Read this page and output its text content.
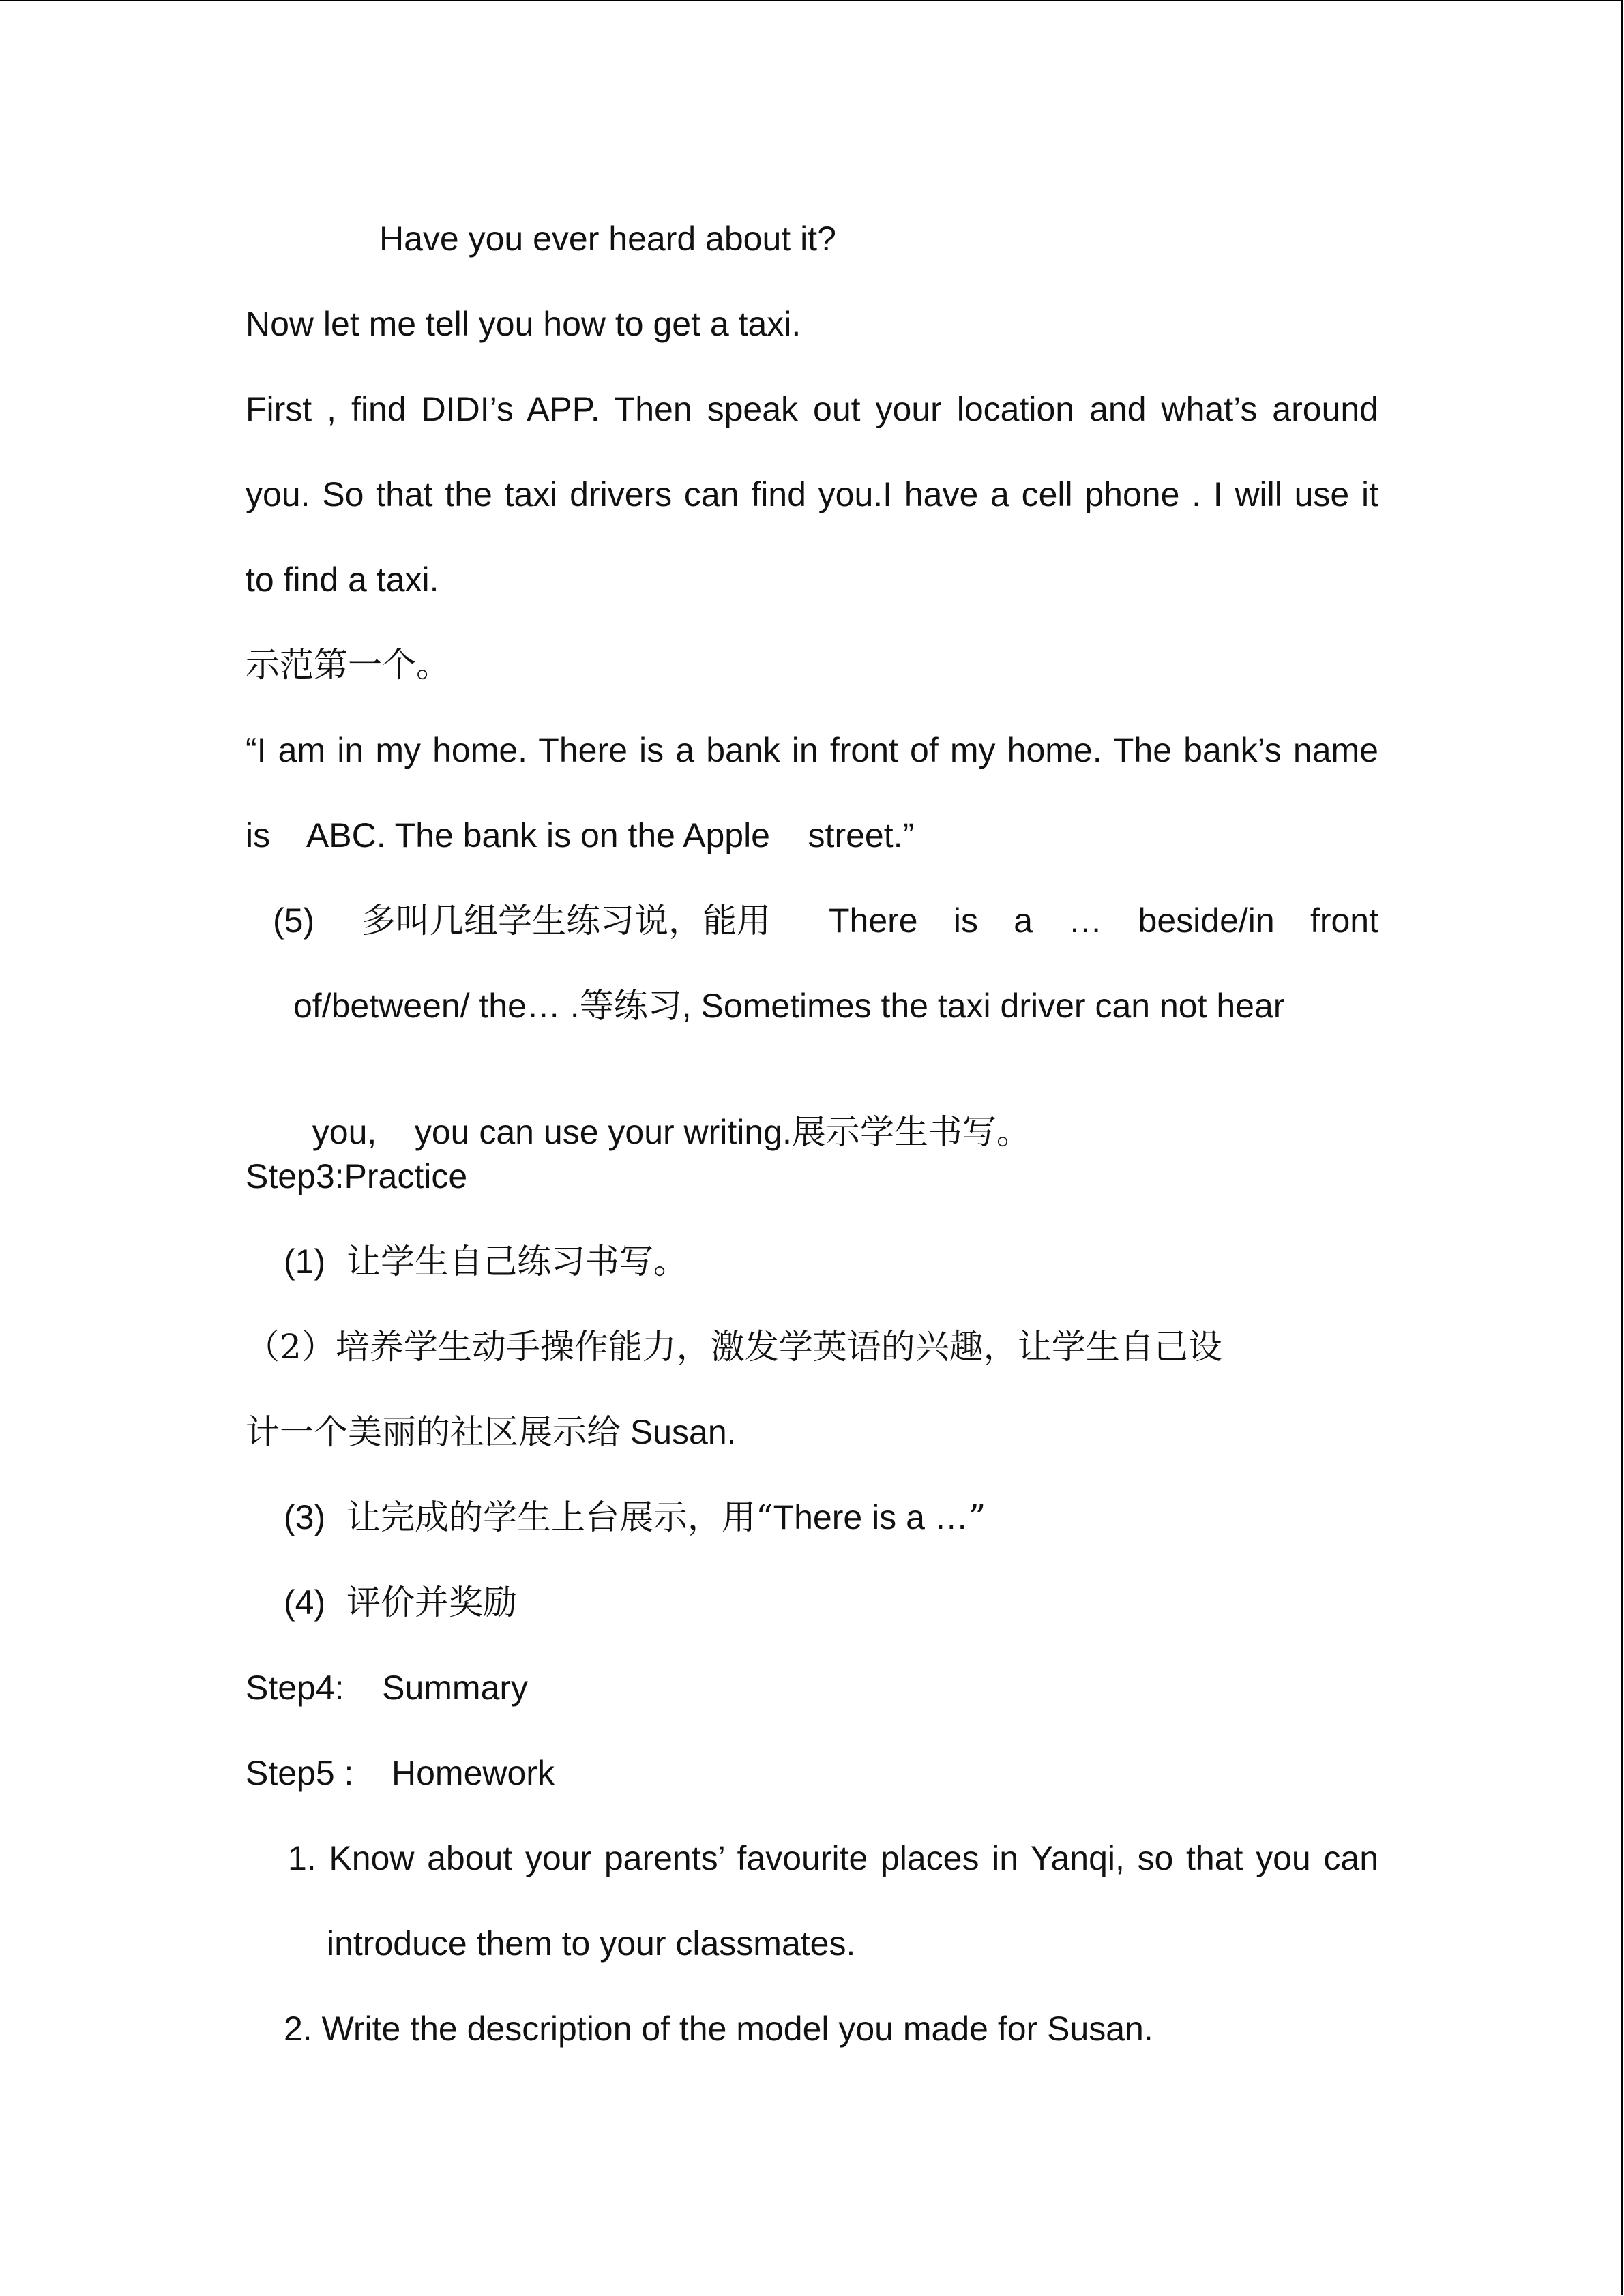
Have you ever heard about it?
Now let me tell you how to get a taxi.
First , find DIDI’s APP. Then speak out your location and what’s around
you. So that the taxi drivers can find you.I have a cell phone . I will use it
to find a taxi.
示范第一个。
“I am in my home. There is a bank in front of my home. The bank’s name
is    ABC. The bank is on the Apple    street.”
(5) 多叫几组学生练习说，能用 There is a … beside/in front
of/between/ the… .等练习, Sometimes the taxi driver can not hear

you,    you can use your writing.展示学生书写。

Step3:Practice
(1) 让学生自己练习书写。
（2）培养学生动手操作能力，激发学英语的兴趣，让学生自己设
计一个美丽的社区展示给 Susan.
(3) 让完成的学生上台展示，用“There is a …”
(4) 评价并奖励
Step4:    Summary
Step5 :    Homework
1. Know about your parents’ favourite places in Yanqi, so that you can
introduce them to your classmates.
2. Write the description of the model you made for Susan.
